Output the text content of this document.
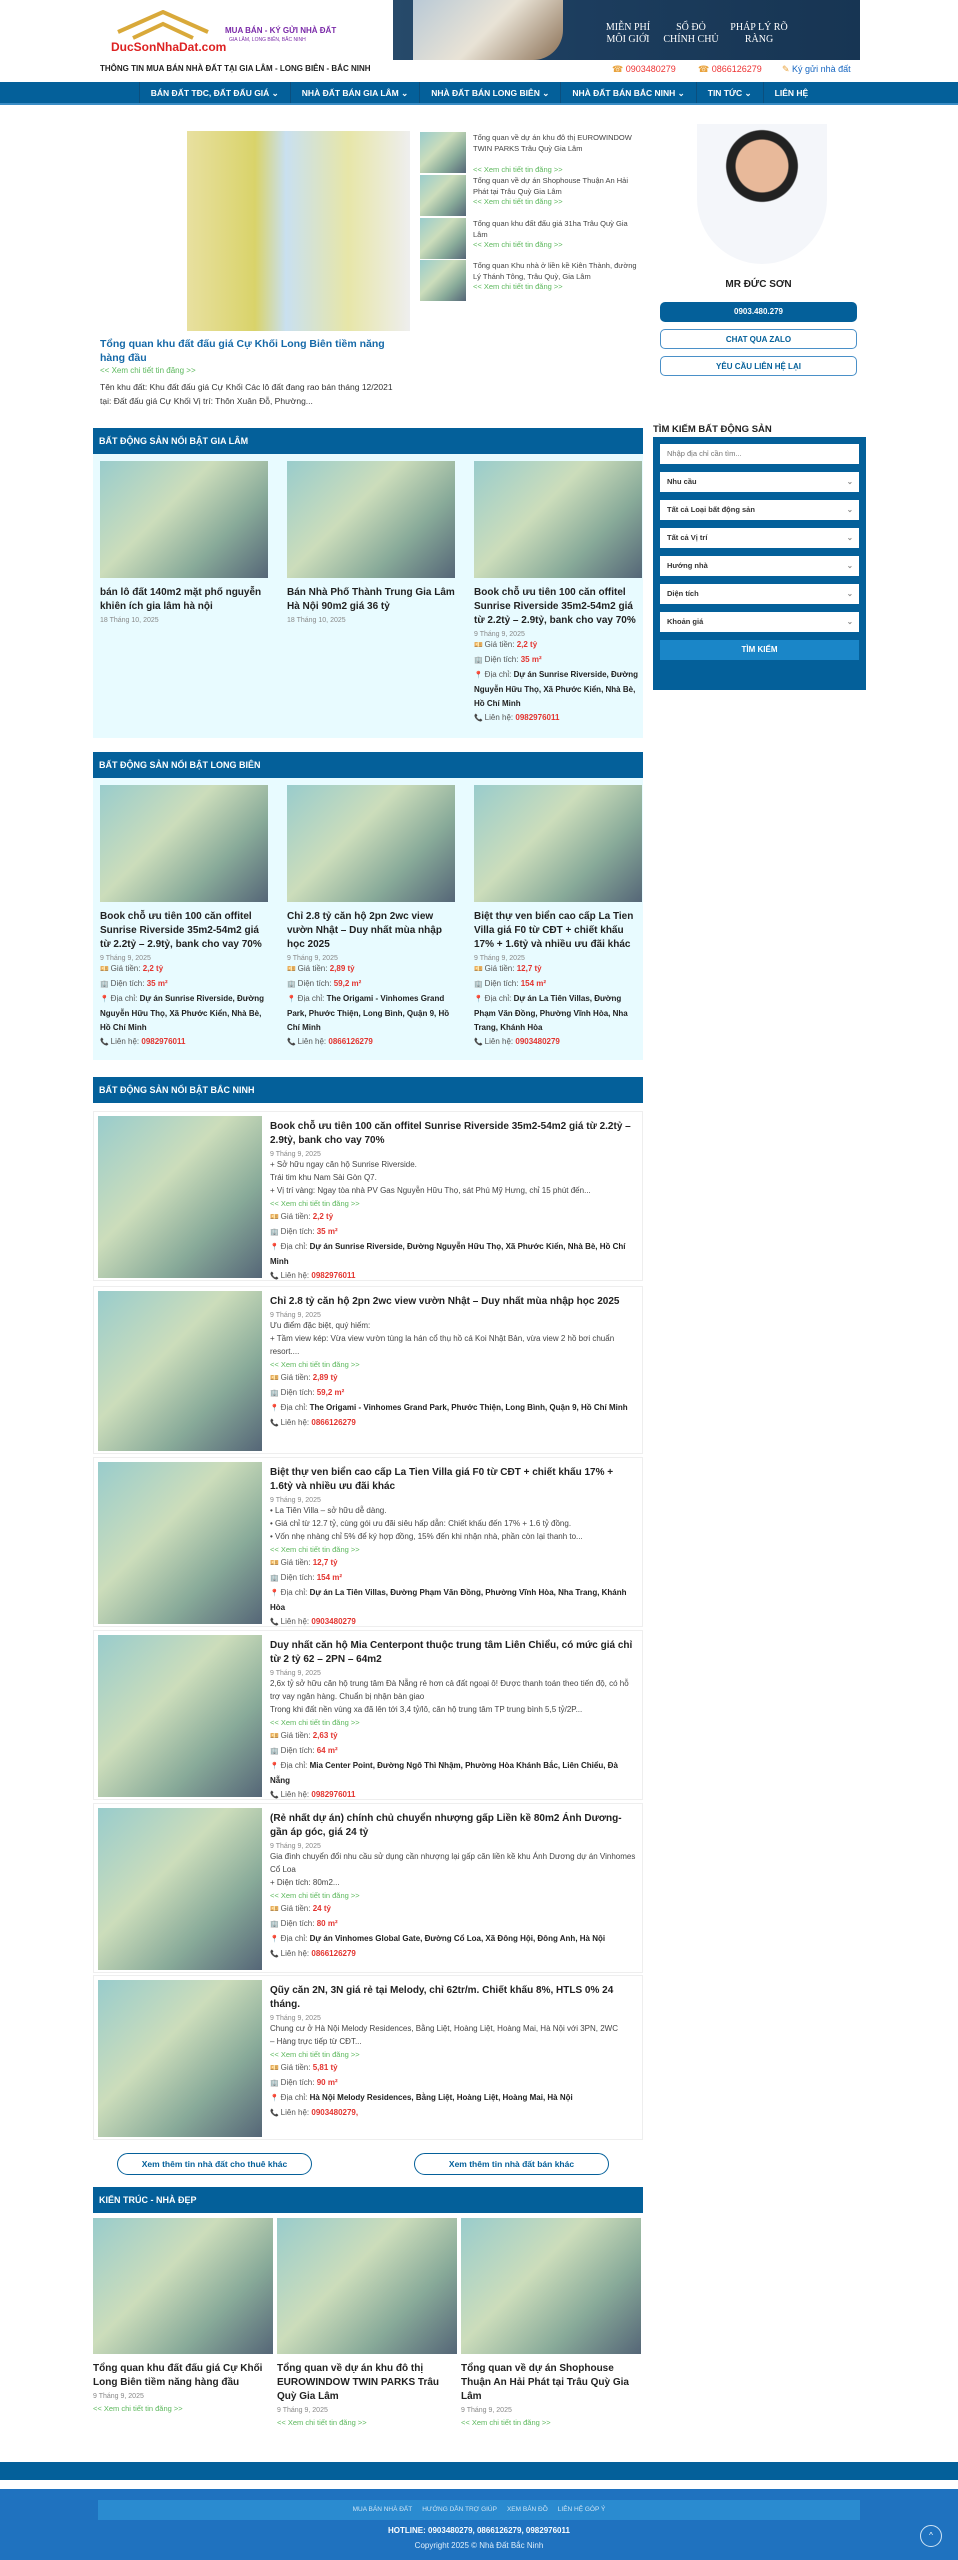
DucSonNhaDat.com
MUA BÁN - KÝ GỬI NHÀ ĐẤT
GIA LÂM, LONG BIÊN, BẮC NINH
MIỄN PHÍ MÔI GIỚI
SỔ ĐỎ CHÍNH CHỦ
PHÁP LÝ RÕ RÀNG
THÔNG TIN MUA BÁN NHÀ ĐẤT TẠI GIA LÂM - LONG BIÊN - BẮC NINH	☎ 0903480279 ☎ 0866126279 ✎ Ký gửi nhà đất
BÁN ĐẤT TĐC, ĐẤT ĐẤU GIÁ ⌄	NHÀ ĐẤT BÁN GIA LÂM ⌄	NHÀ ĐẤT BÁN LONG BIÊN ⌄	NHÀ ĐẤT BÁN BẮC NINH ⌄	TIN TỨC ⌄	LIÊN HỆ
Tổng quan khu đất đấu giá Cự Khối Long Biên tiềm năng hàng đầu
<< Xem chi tiết tin đăng >>
Tên khu đất: Khu đất đấu giá Cự Khối Các lô đất đang rao bán tháng 12/2021 tại: Đất đấu giá Cự Khối Vị trí: Thôn Xuân Đỗ, Phường...
Tổng quan về dự án khu đô thị EUROWINDOW TWIN PARKS Trâu Quỳ Gia Lâm
<< Xem chi tiết tin đăng >>
Tổng quan về dự án Shophouse Thuận An Hải Phát tại Trâu Quỳ Gia Lâm
<< Xem chi tiết tin đăng >>
Tổng quan khu đất đấu giá 31ha Trâu Quỳ Gia Lâm
<< Xem chi tiết tin đăng >>
Tổng quan Khu nhà ở liền kề Kiên Thành, đường Lý Thánh Tông, Trâu Quỳ, Gia Lâm
<< Xem chi tiết tin đăng >>
BẤT ĐỘNG SẢN NỔI BẬT GIA LÂM
bán lô đất 140m2 mặt phố nguyễn khiên ích gia lâm hà nội
18 Tháng 10, 2025
Bán Nhà Phố Thành Trung Gia Lâm Hà Nội 90m2 giá 36 tỷ
18 Tháng 10, 2025
Book chỗ ưu tiên 100 căn offitel Sunrise Riverside 35m2-54m2 giá từ 2.2tỷ – 2.9tỷ, bank cho vay 70%
9 Tháng 9, 2025
💴 Giá tiền: 2,2 tỷ
🏢 Diện tích: 35 m²
📍 Địa chỉ: Dự án Sunrise Riverside, Đường Nguyễn Hữu Thọ, Xã Phước Kiển, Nhà Bè, Hồ Chí Minh
📞 Liên hệ: 0982976011
BẤT ĐỘNG SẢN NỔI BẬT LONG BIÊN
Book chỗ ưu tiên 100 căn offitel Sunrise Riverside 35m2-54m2 giá từ 2.2tỷ – 2.9tỷ, bank cho vay 70%
9 Tháng 9, 2025
💴 Giá tiền: 2,2 tỷ
🏢 Diện tích: 35 m²
📍 Địa chỉ: Dự án Sunrise Riverside, Đường Nguyễn Hữu Thọ, Xã Phước Kiển, Nhà Bè, Hồ Chí Minh
📞 Liên hệ: 0982976011
Chỉ 2.8 tỷ căn hộ 2pn 2wc view vườn Nhật – Duy nhất mùa nhập học 2025
9 Tháng 9, 2025
💴 Giá tiền: 2,89 tỷ
🏢 Diện tích: 59,2 m²
📍 Địa chỉ: The Origami - Vinhomes Grand Park, Phước Thiện, Long Bình, Quận 9, Hồ Chí Minh
📞 Liên hệ: 0866126279
Biệt thự ven biển cao cấp La Tien Villa giá F0 từ CĐT + chiết khấu 17% + 1.6tỷ và nhiều ưu đãi khác
9 Tháng 9, 2025
💴 Giá tiền: 12,7 tỷ
🏢 Diện tích: 154 m²
📍 Địa chỉ: Dự án La Tiên Villas, Đường Phạm Văn Đồng, Phường Vĩnh Hòa, Nha Trang, Khánh Hòa
📞 Liên hệ: 0903480279
BẤT ĐỘNG SẢN NỔI BẬT BẮC NINH
Book chỗ ưu tiên 100 căn offitel Sunrise Riverside 35m2-54m2 giá từ 2.2tỷ – 2.9tỷ, bank cho vay 70%
9 Tháng 9, 2025
+ Sở hữu ngay căn hộ Sunrise Riverside.
Trái tim khu Nam Sài Gòn Q7.
+ Vị trí vàng: Ngay tòa nhà PV Gas Nguyễn Hữu Thọ, sát Phú Mỹ Hưng, chỉ 15 phút đến...
<< Xem chi tiết tin đăng >>
💴 Giá tiền: 2,2 tỷ
🏢 Diện tích: 35 m²
📍 Địa chỉ: Dự án Sunrise Riverside, Đường Nguyễn Hữu Thọ, Xã Phước Kiển, Nhà Bè, Hồ Chí Minh
📞 Liên hệ: 0982976011
Chỉ 2.8 tỷ căn hộ 2pn 2wc view vườn Nhật – Duy nhất mùa nhập học 2025
9 Tháng 9, 2025
Ưu điểm đặc biệt, quý hiếm:
+ Tầm view kép: Vừa view vườn tùng la hán cổ thụ hồ cá Koi Nhật Bản, vừa view 2 hồ bơi chuẩn resort....
<< Xem chi tiết tin đăng >>
💴 Giá tiền: 2,89 tỷ
🏢 Diện tích: 59,2 m²
📍 Địa chỉ: The Origami - Vinhomes Grand Park, Phước Thiện, Long Bình, Quận 9, Hồ Chí Minh
📞 Liên hệ: 0866126279
Biệt thự ven biển cao cấp La Tien Villa giá F0 từ CĐT + chiết khấu 17% + 1.6tỷ và nhiều ưu đãi khác
9 Tháng 9, 2025
• La Tiên Villa – sở hữu dễ dàng.
• Giá chỉ từ 12.7 tỷ, cùng gói ưu đãi siêu hấp dẫn: Chiết khấu đến 17% + 1.6 tỷ đồng.
• Vốn nhẹ nhàng chỉ 5% để ký hợp đồng, 15% đến khi nhận nhà, phần còn lại thanh to...
<< Xem chi tiết tin đăng >>
💴 Giá tiền: 12,7 tỷ
🏢 Diện tích: 154 m²
📍 Địa chỉ: Dự án La Tiên Villas, Đường Phạm Văn Đồng, Phường Vĩnh Hòa, Nha Trang, Khánh Hòa
📞 Liên hệ: 0903480279
Duy nhất căn hộ Mia Centerpont thuộc trung tâm Liên Chiểu, có mức giá chỉ từ 2 tỷ 62 – 2PN – 64m2
9 Tháng 9, 2025
2,6x tỷ sở hữu căn hộ trung tâm Đà Nẵng rẻ hơn cả đất ngoại ô! Được thanh toán theo tiến độ, có hỗ trợ vay ngân hàng. Chuẩn bị nhận bàn giao
Trong khi đất nền vùng xa đã lên tới 3,4 tỷ/lô, căn hộ trung tâm TP trung bình 5,5 tỷ/2P...
<< Xem chi tiết tin đăng >>
💴 Giá tiền: 2,63 tỷ
🏢 Diện tích: 64 m²
📍 Địa chỉ: Mia Center Point, Đường Ngô Thì Nhậm, Phường Hòa Khánh Bắc, Liên Chiểu, Đà Nẵng
📞 Liên hệ: 0982976011
(Rẻ nhất dự án) chính chủ chuyển nhượng gấp Liền kề 80m2 Ánh Dương-gần áp góc, giá 24 tỷ
9 Tháng 9, 2025
Gia đình chuyển đổi nhu cầu sử dụng cần nhượng lại gấp căn liền kề khu Ánh Dương dự án Vinhomes Cổ Loa
+ Diện tích: 80m2...
<< Xem chi tiết tin đăng >>
💴 Giá tiền: 24 tỷ
🏢 Diện tích: 80 m²
📍 Địa chỉ: Dự án Vinhomes Global Gate, Đường Cổ Loa, Xã Đông Hội, Đông Anh, Hà Nội
📞 Liên hệ: 0866126279
Qũy căn 2N, 3N giá rẻ tại Melody, chỉ 62tr/m. Chiết khấu 8%, HTLS 0% 24 tháng.
9 Tháng 9, 2025
Chung cư ở Hà Nội Melody Residences, Bằng Liệt, Hoàng Liệt, Hoàng Mai, Hà Nội với 3PN, 2WC
– Hàng trực tiếp từ CĐT...
<< Xem chi tiết tin đăng >>
💴 Giá tiền: 5,81 tỷ
🏢 Diện tích: 90 m²
📍 Địa chỉ: Hà Nội Melody Residences, Bằng Liệt, Hoàng Liệt, Hoàng Mai, Hà Nội
📞 Liên hệ: 0903480279,
Xem thêm tin nhà đất cho thuê khác	Xem thêm tin nhà đất bán khác
KIẾN TRÚC - NHÀ ĐẸP
Tổng quan khu đất đấu giá Cự Khối Long Biên tiềm năng hàng đầu
9 Tháng 9, 2025
<< Xem chi tiết tin đăng >>
Tổng quan về dự án khu đô thị EUROWINDOW TWIN PARKS Trâu Quỳ Gia Lâm
9 Tháng 9, 2025
<< Xem chi tiết tin đăng >>
Tổng quan về dự án Shophouse Thuận An Hải Phát tại Trâu Quỳ Gia Lâm
9 Tháng 9, 2025
<< Xem chi tiết tin đăng >>
MR ĐỨC SƠN
0903.480.279
CHAT QUA ZALO
YÊU CẦU LIÊN HỆ LẠI
TÌM KIẾM BẤT ĐỘNG SẢN
Nhập địa chỉ cần tìm...
Nhu cầu	⌄
Tất cả Loại bất động sản	⌄
Tất cả Vị trí	⌄
Hướng nhà	⌄
Diện tích	⌄
Khoản giá	⌄
TÌM KIẾM
MUA BÁN NHÀ ĐẤT HƯỚNG DẪN TRỢ GIÚP XEM BẢN ĐỒ LIÊN HỆ GÓP Ý
HOTLINE: 0903480279, 0866126279, 0982976011
Copyright 2025 © Nhà Đất Bắc Ninh
^
